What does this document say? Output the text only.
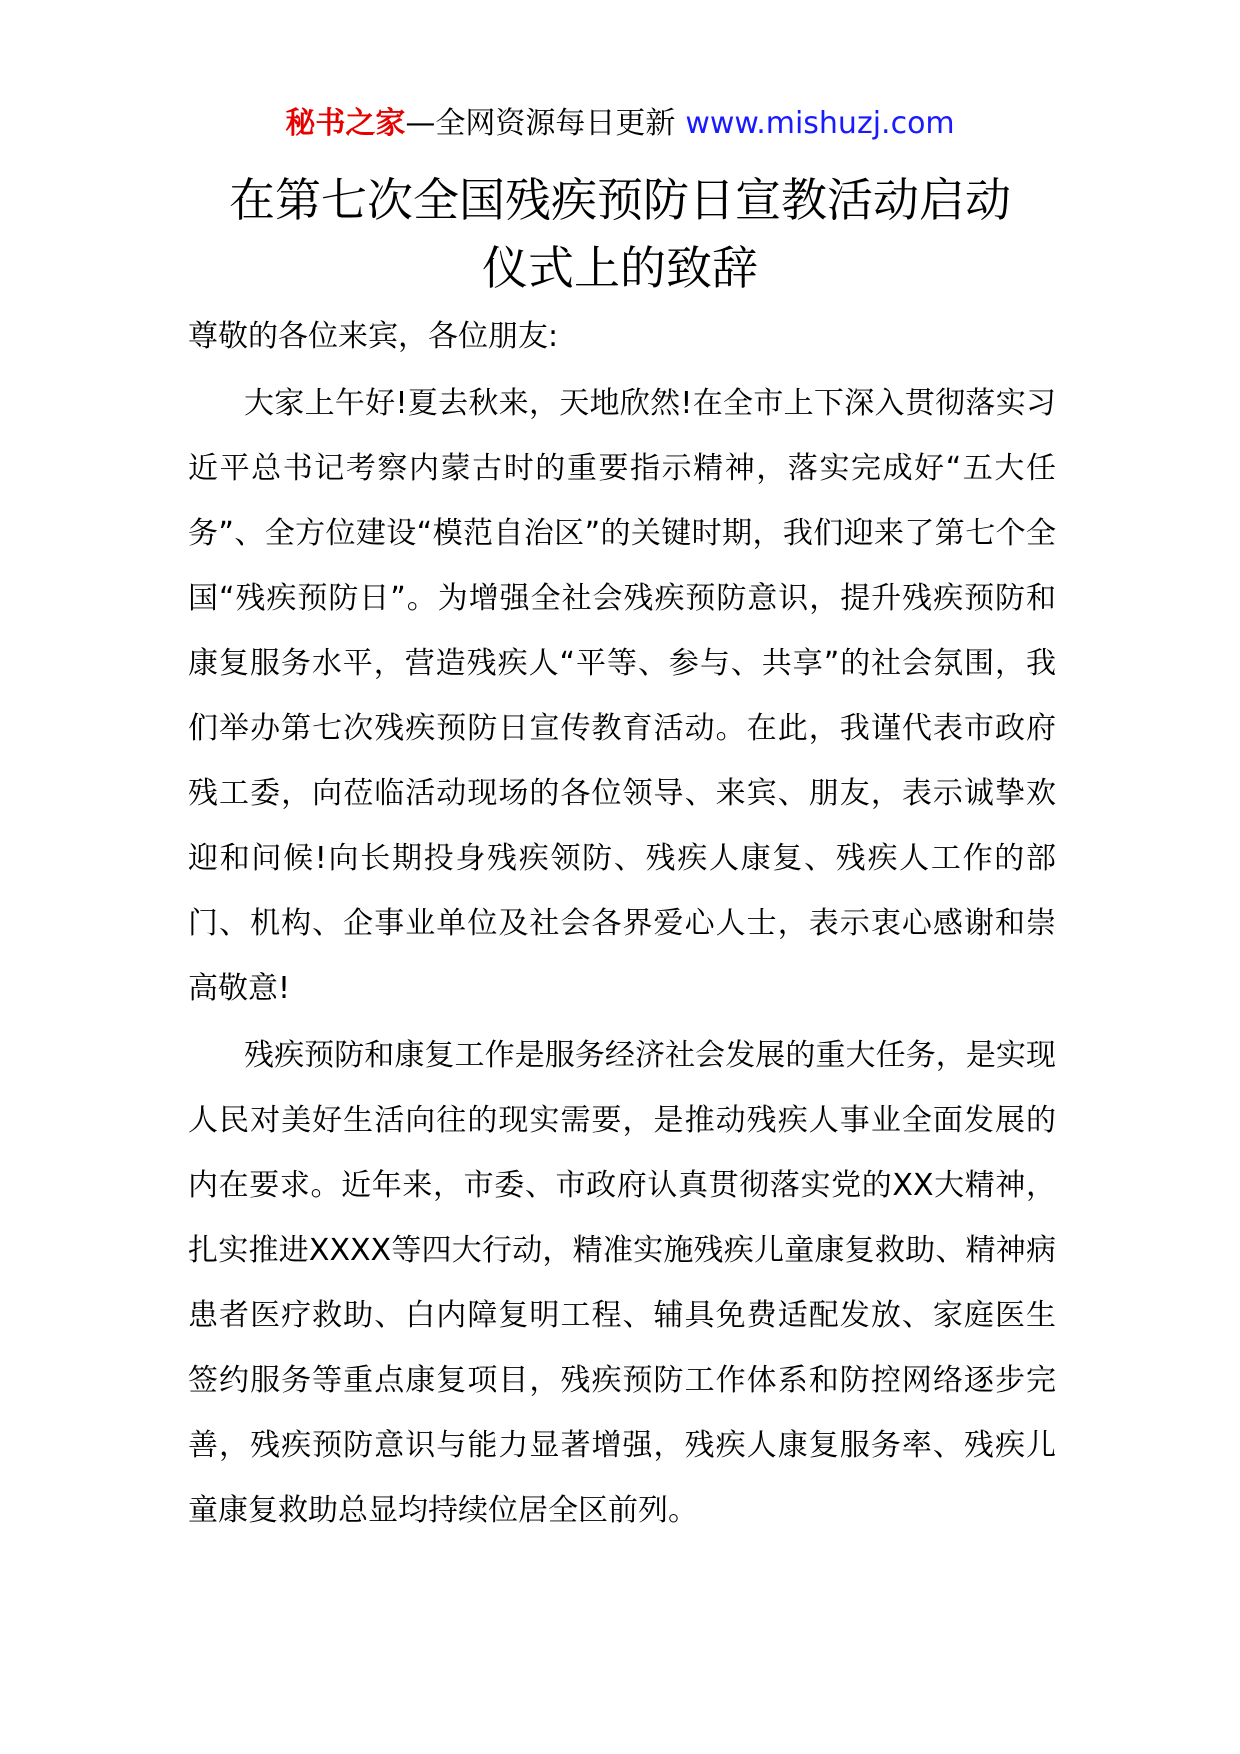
秘书之家—全网资源每日更新 www.mishuzj.com
在第七次全国残疾预防日宣教活动启动
仪式上的致辞

尊敬的各位来宾，各位朋友:

大家上午好!夏去秋来，天地欣然!在全市上下深入贯彻落实习近平总书记考察内蒙古时的重要指示精神，落实完成好“五大任务”、全方位建设“模范自治区”的关键时期，我们迎来了第七个全国“残疾预防日”。为增强全社会残疾预防意识，提升残疾预防和康复服务水平，营造残疾人“平等、参与、共享”的社会氛围，我们举办第七次残疾预防日宣传教育活动。在此，我谨代表市政府残工委，向莅临活动现场的各位领导、来宾、朋友，表示诚挚欢迎和问候!向长期投身残疾领防、残疾人康复、残疾人工作的部门、机构、企事业单位及社会各界爱心人士，表示衷心感谢和崇高敬意!

残疾预防和康复工作是服务经济社会发展的重大任务，是实现人民对美好生活向往的现实需要，是推动残疾人事业全面发展的内在要求。近年来，市委、市政府认真贯彻落实党的XX大精神，扎实推进XXXX等四大行动，精准实施残疾儿童康复救助、精神病患者医疗救助、白内障复明工程、辅具免费适配发放、家庭医生签约服务等重点康复项目，残疾预防工作体系和防控网络逐步完善，残疾预防意识与能力显著增强，残疾人康复服务率、残疾儿童康复救助总显均持续位居全区前列。
